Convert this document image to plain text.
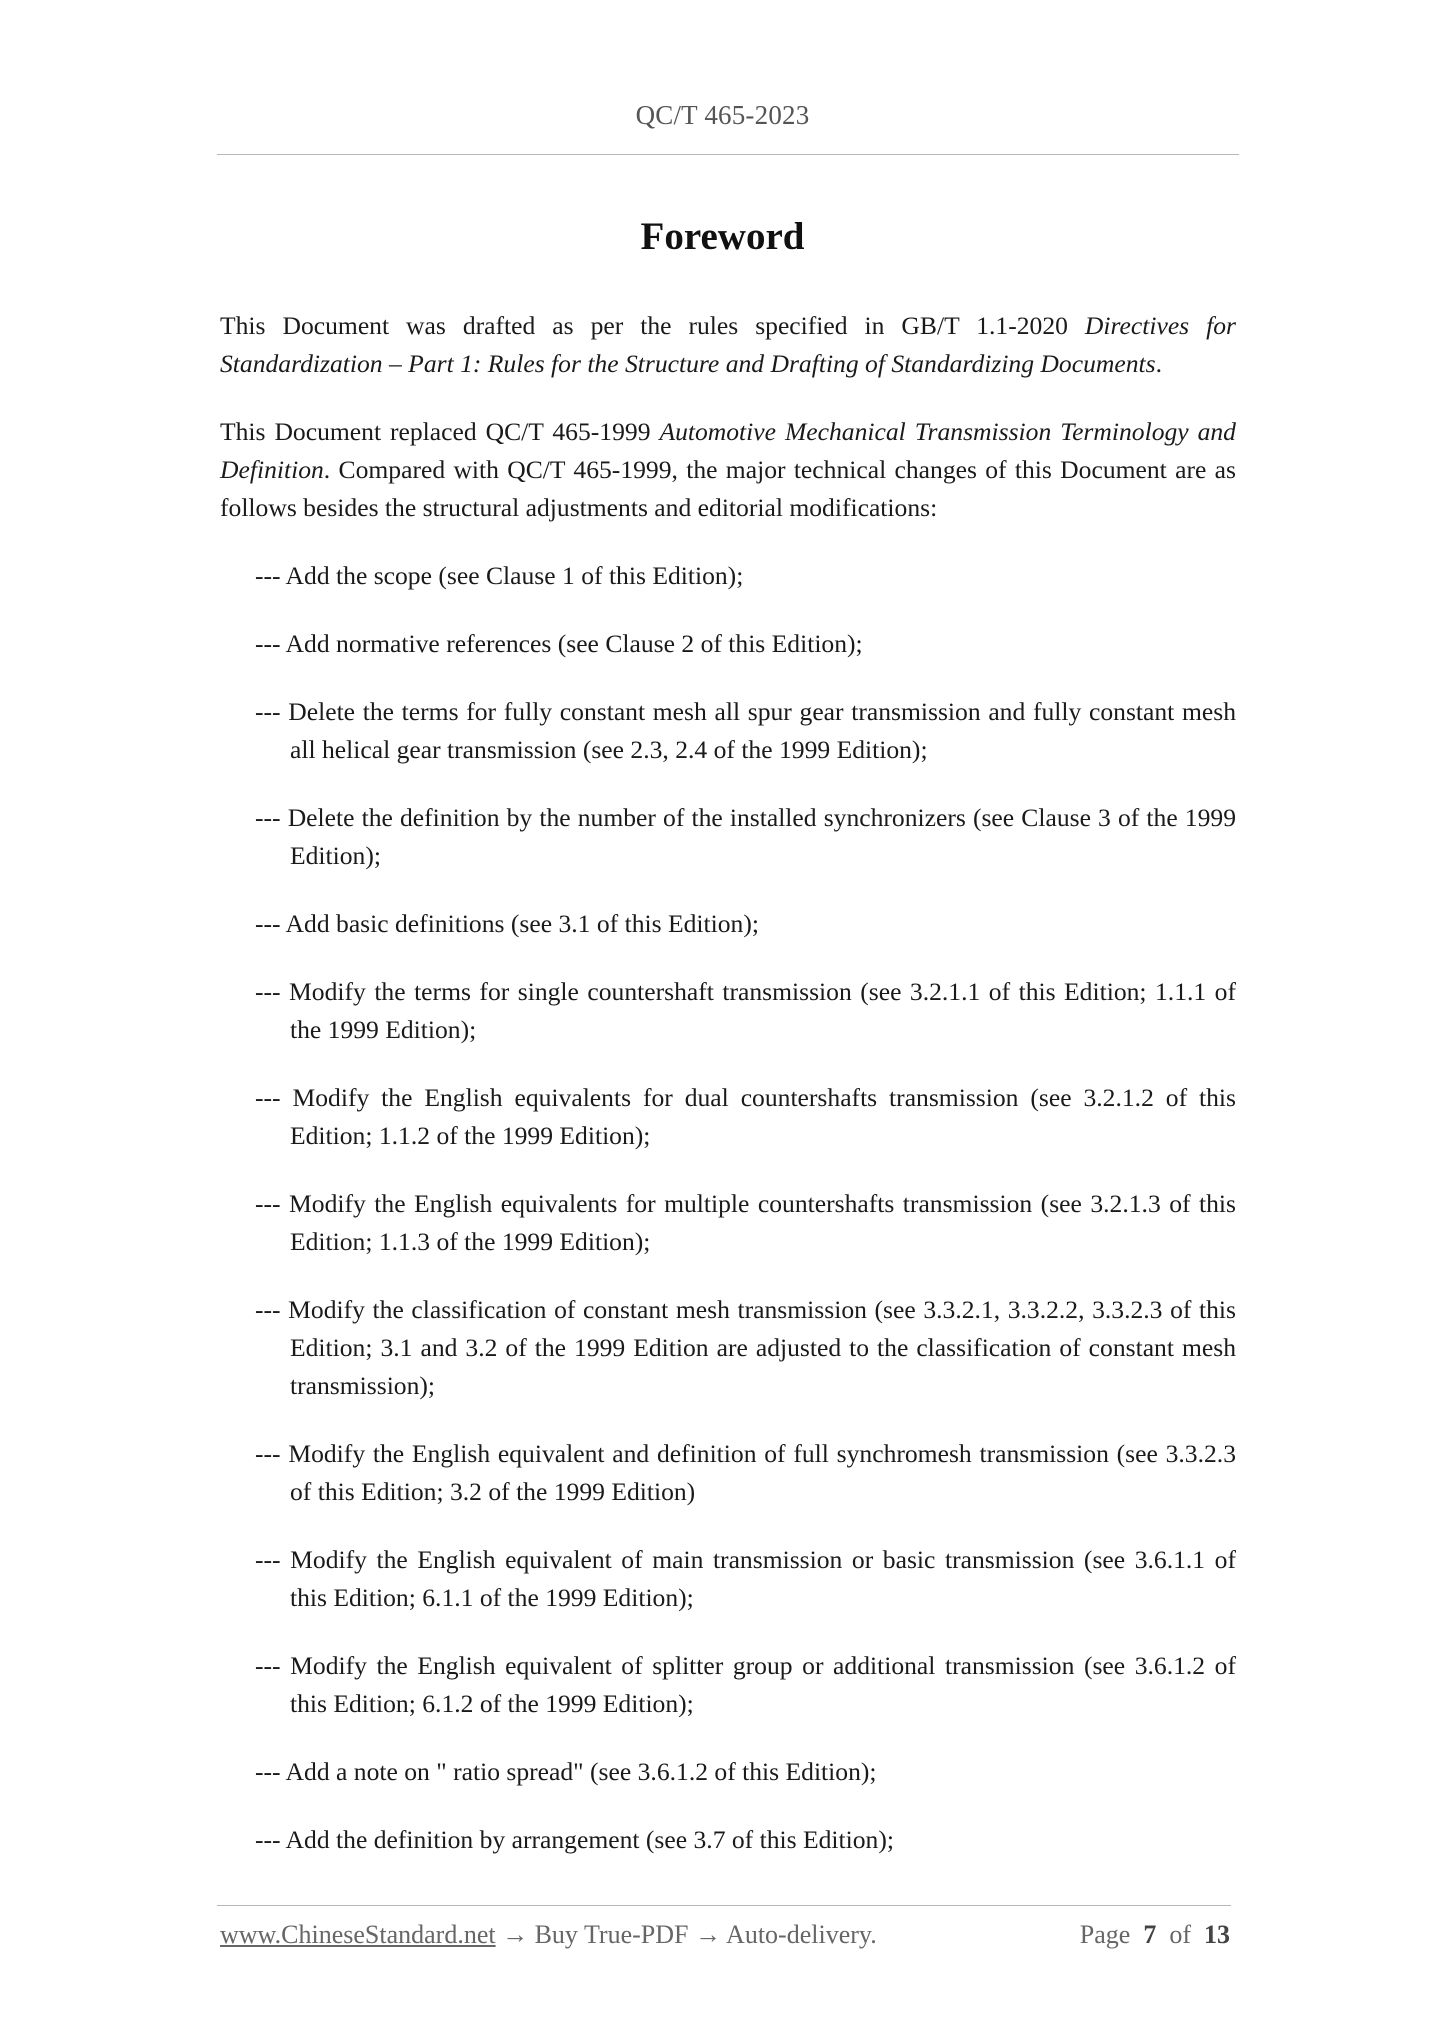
QC/T 465-2023
Foreword

This Document was drafted as per the rules specified in GB/T 1.1-2020 Directives for Standardization – Part 1: Rules for the Structure and Drafting of Standardizing Documents.

This Document replaced QC/T 465-1999 Automotive Mechanical Transmission Terminology and Definition. Compared with QC/T 465-1999, the major technical changes of this Document are as follows besides the structural adjustments and editorial modifications:

--- Add the scope (see Clause 1 of this Edition);
--- Add normative references (see Clause 2 of this Edition);
--- Delete the terms for fully constant mesh all spur gear transmission and fully constant mesh all helical gear transmission (see 2.3, 2.4 of the 1999 Edition);
--- Delete the definition by the number of the installed synchronizers (see Clause 3 of the 1999 Edition);
--- Add basic definitions (see 3.1 of this Edition);
--- Modify the terms for single countershaft transmission (see 3.2.1.1 of this Edition; 1.1.1 of the 1999 Edition);
--- Modify the English equivalents for dual countershafts transmission (see 3.2.1.2 of this Edition; 1.1.2 of the 1999 Edition);
--- Modify the English equivalents for multiple countershafts transmission (see 3.2.1.3 of this Edition; 1.1.3 of the 1999 Edition);
--- Modify the classification of constant mesh transmission (see 3.3.2.1, 3.3.2.2, 3.3.2.3 of this Edition; 3.1 and 3.2 of the 1999 Edition are adjusted to the classification of constant mesh transmission);
--- Modify the English equivalent and definition of full synchromesh transmission (see 3.3.2.3 of this Edition; 3.2 of the 1999 Edition)
--- Modify the English equivalent of main transmission or basic transmission (see 3.6.1.1 of this Edition; 6.1.1 of the 1999 Edition);
--- Modify the English equivalent of splitter group or additional transmission (see 3.6.1.2 of this Edition; 6.1.2 of the 1999 Edition);
--- Add a note on " ratio spread" (see 3.6.1.2 of this Edition);
--- Add the definition by arrangement (see 3.7 of this Edition);
www.ChineseStandard.net → Buy True-PDF → Auto-delivery.	Page 7 of 13
